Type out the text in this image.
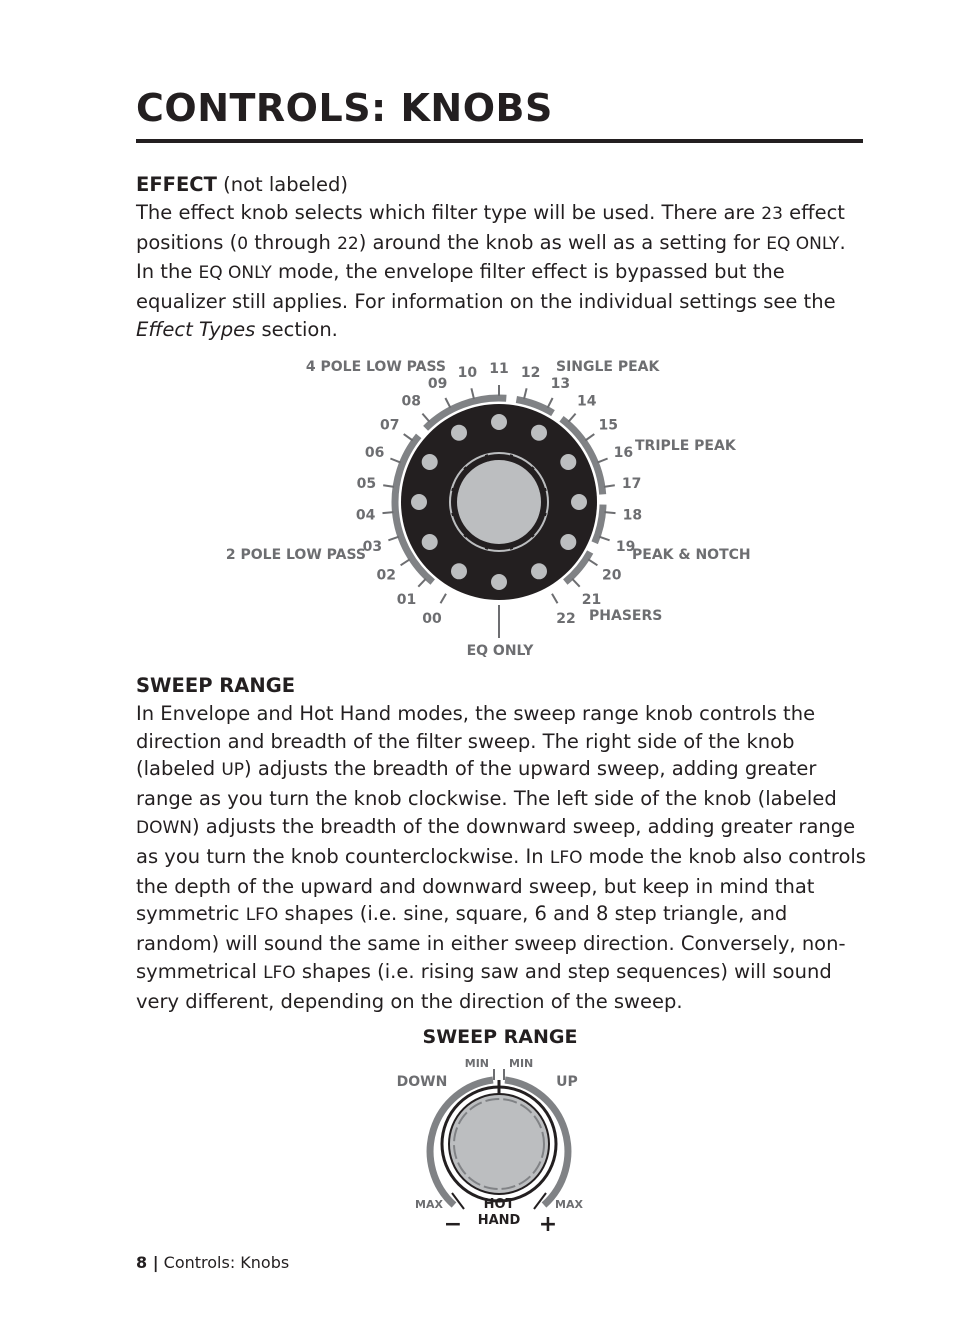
CONTROLS: KNOBS

EFFECT (not labeled)

The effect knob selects which filter type will be used. There are 23 effect positions (0 through 22) around the knob as well as a setting for EQ ONLY. In the EQ ONLY mode, the envelope filter effect is bypassed but the equalizer still applies. For information on the individual settings see the Effect Types section.

00
01
02
03
04
05
06
07
08
09
10 11 12
13
14
15
16
17
18
19
20
21
22
4 POLE LOW PASS	SINGLE PEAK
TRIPLE PEAK
PEAK & NOTCH
PHASERS
2 POLE LOW PASS
EQ ONLY

SWEEP RANGE

In Envelope and Hot Hand modes, the sweep range knob controls the direction and breadth of the filter sweep. The right side of the knob (labeled UP) adjusts the breadth of the upward sweep, adding greater range as you turn the knob clockwise. The left side of the knob (labeled DOWN) adjusts the breadth of the downward sweep, adding greater range as you turn the knob counterclockwise. In LFO mode the knob also controls the depth of the upward and downward sweep, but keep in mind that symmetric LFO shapes (i.e. sine, square, 6 and 8 step triangle, and random) will sound the same in either sweep direction. Conversely, non-symmetrical LFO shapes (i.e. rising saw and step sequences) will sound very different, depending on the direction of the sweep.

SWEEP RANGE
DOWN	UP
MIN MIN
MAX	MAX
HOT
HAND
−	+
8 | Controls: Knobs
